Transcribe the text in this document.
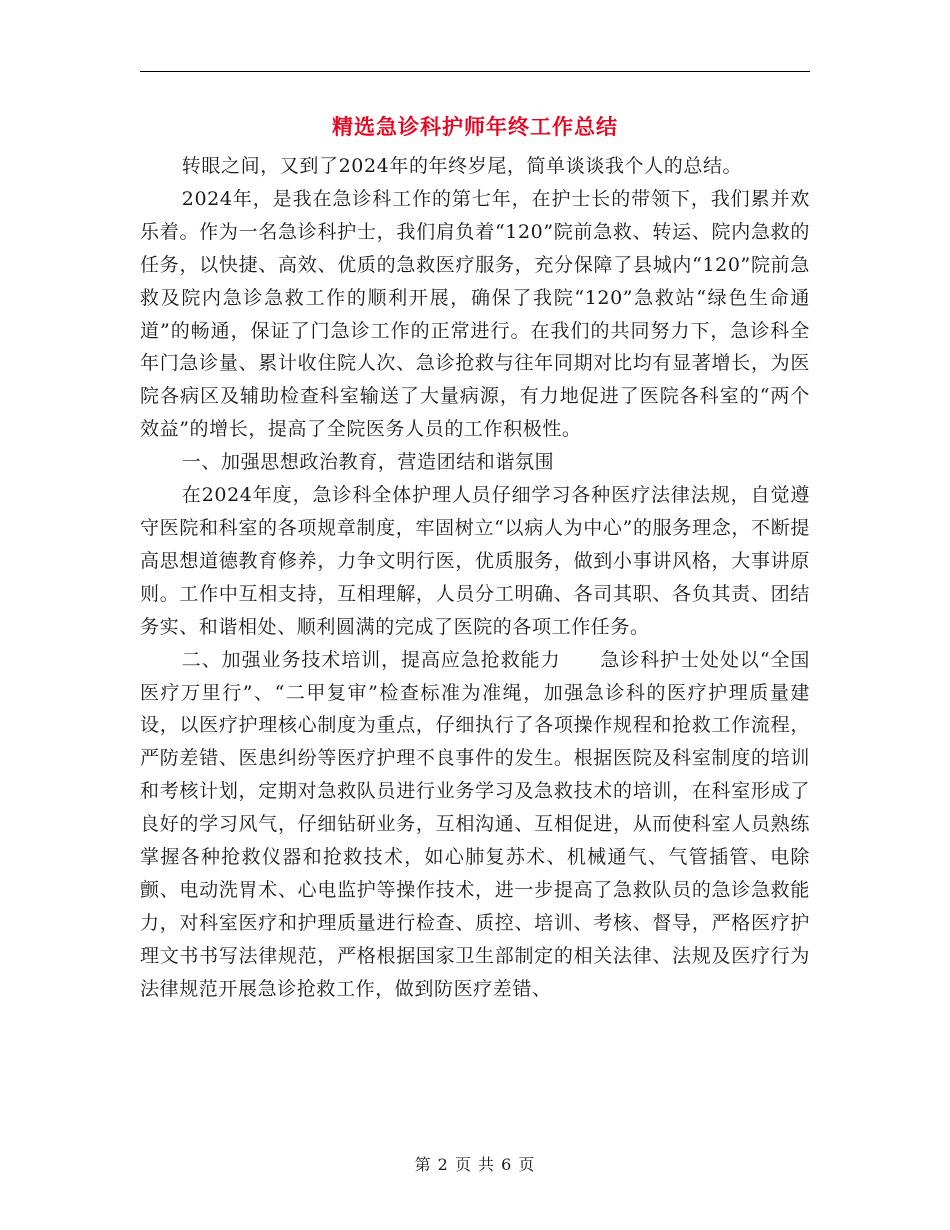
精选急诊科护师年终工作总结

转眼之间，又到了2024年的年终岁尾，简单谈谈我个人的总结。

2024年，是我在急诊科工作的第七年，在护士长的带领下，我们累并欢乐着。作为一名急诊科护士，我们肩负着“120”院前急救、转运、院内急救的任务，以快捷、高效、优质的急救医疗服务，充分保障了县城内“120”院前急救及院内急诊急救工作的顺利开展，确保了我院“120”急救站“绿色生命通道”的畅通，保证了门急诊工作的正常进行。在我们的共同努力下，急诊科全年门急诊量、累计收住院人次、急诊抢救与往年同期对比均有显著增长，为医院各病区及辅助检查科室输送了大量病源，有力地促进了医院各科室的“两个效益”的增长，提高了全院医务人员的工作积极性。

一、加强思想政治教育，营造团结和谐氛围

在2024年度，急诊科全体护理人员仔细学习各种医疗法律法规，自觉遵守医院和科室的各项规章制度，牢固树立“以病人为中心”的服务理念，不断提高思想道德教育修养，力争文明行医，优质服务，做到小事讲风格，大事讲原则。工作中互相支持，互相理解，人员分工明确、各司其职、各负其责、团结务实、和谐相处、顺利圆满的完成了医院的各项工作任务。

二、加强业务技术培训，提高应急抢救能力　　急诊科护士处处以“全国医疗万里行”、“二甲复审”检查标准为准绳，加强急诊科的医疗护理质量建设，以医疗护理核心制度为重点，仔细执行了各项操作规程和抢救工作流程，严防差错、医患纠纷等医疗护理不良事件的发生。根据医院及科室制度的培训和考核计划，定期对急救队员进行业务学习及急救技术的培训，在科室形成了良好的学习风气，仔细钻研业务，互相沟通、互相促进，从而使科室人员熟练掌握各种抢救仪器和抢救技术，如心肺复苏术、机械通气、气管插管、电除颤、电动洗胃术、心电监护等操作技术，进一步提高了急救队员的急诊急救能力，对科室医疗和护理质量进行检查、质控、培训、考核、督导，严格医疗护理文书书写法律规范，严格根据国家卫生部制定的相关法律、法规及医疗行为法律规范开展急诊抢救工作，做到防医疗差错、

第 2 页 共 6 页
